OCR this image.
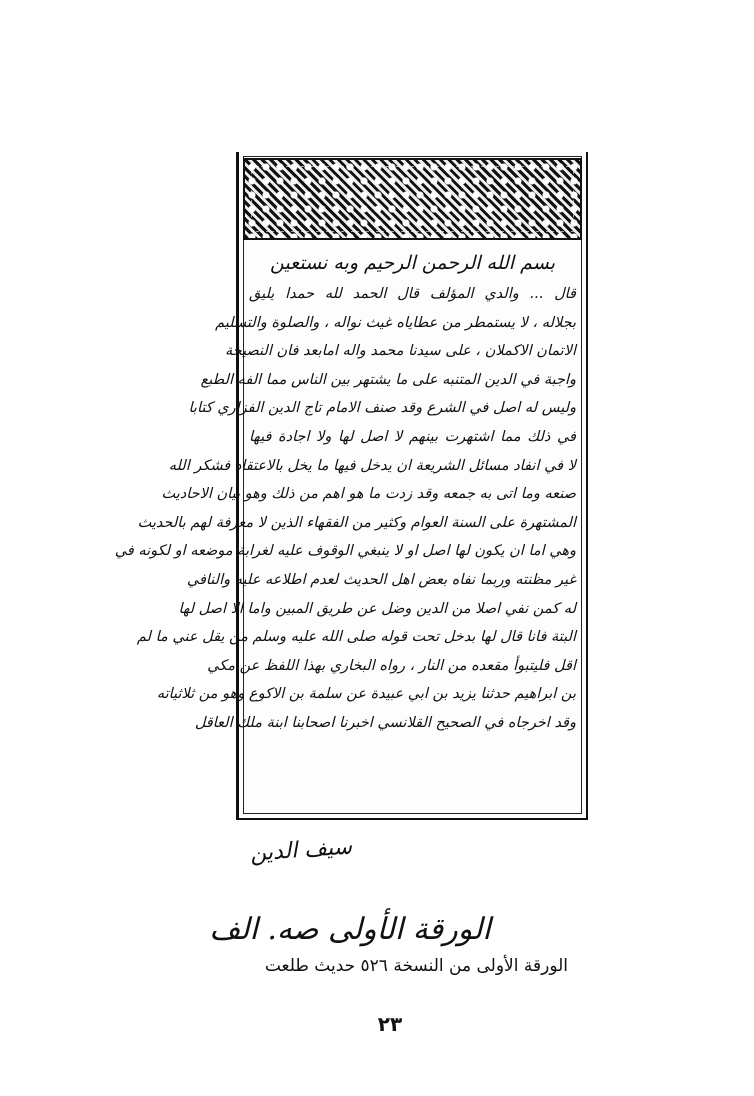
بسم الله الرحمن الرحيم وبه نستعين
قال ... والدي المؤلف قال الحمد لله حمدا يليق
بجلاله ، لا يستمطر من عطاياه غيث نواله ، والصلوة والتسليم
الاتمان الاكملان ، على سيدنا محمد واله امابعد فان النصيحة
واجبة في الدين المتنبه على ما يشتهر بين الناس مما الفه الطبع
وليس له اصل في الشرع وقد صنف الامام تاج الدين الفزاري كتابا
في ذلك مما اشتهرت بينهم لا اصل لها ولا اجادة فيها
لا في انفاد مسائل الشريعة ان يدخل فيها ما يخل بالاعتقاد فشكر الله
صنعه وما اتى به جمعه وقد زدت ما هو اهم من ذلك وهو بيان الاحاديث
المشتهرة على السنة العوام وكثير من الفقهاء الذين لا معرفة لهم بالحديث
وهي اما ان يكون لها اصل او لا ينبغي الوقوف عليه لغرابة موضعه او لكونه في
غير مظنته وربما نفاه بعض اهل الحديث لعدم اطلاعه عليه والنافي
له كمن نفي اصلا من الدين وضل عن طريق المبين واما الا اصل لها
البتة فانا قال لها بدخل تحت قوله صلى الله عليه وسلم من يقل عني ما لم
اقل فليتبوأ مقعده من النار ، رواه البخاري بهذا اللفظ عن مكي
بن ابراهيم حدثنا يزيد بن ابي عبيدة عن سلمة بن الاكوع وهو من ثلاثياته
وقد اخرجاه في الصحيح القلانسي اخبرنا اصحابنا ابنة ملك العاقل
سيف الدين
الورقة الأولى صه. الف
الورقة الأولى من النسخة ٥٢٦ حديث طلعت
٢٣
